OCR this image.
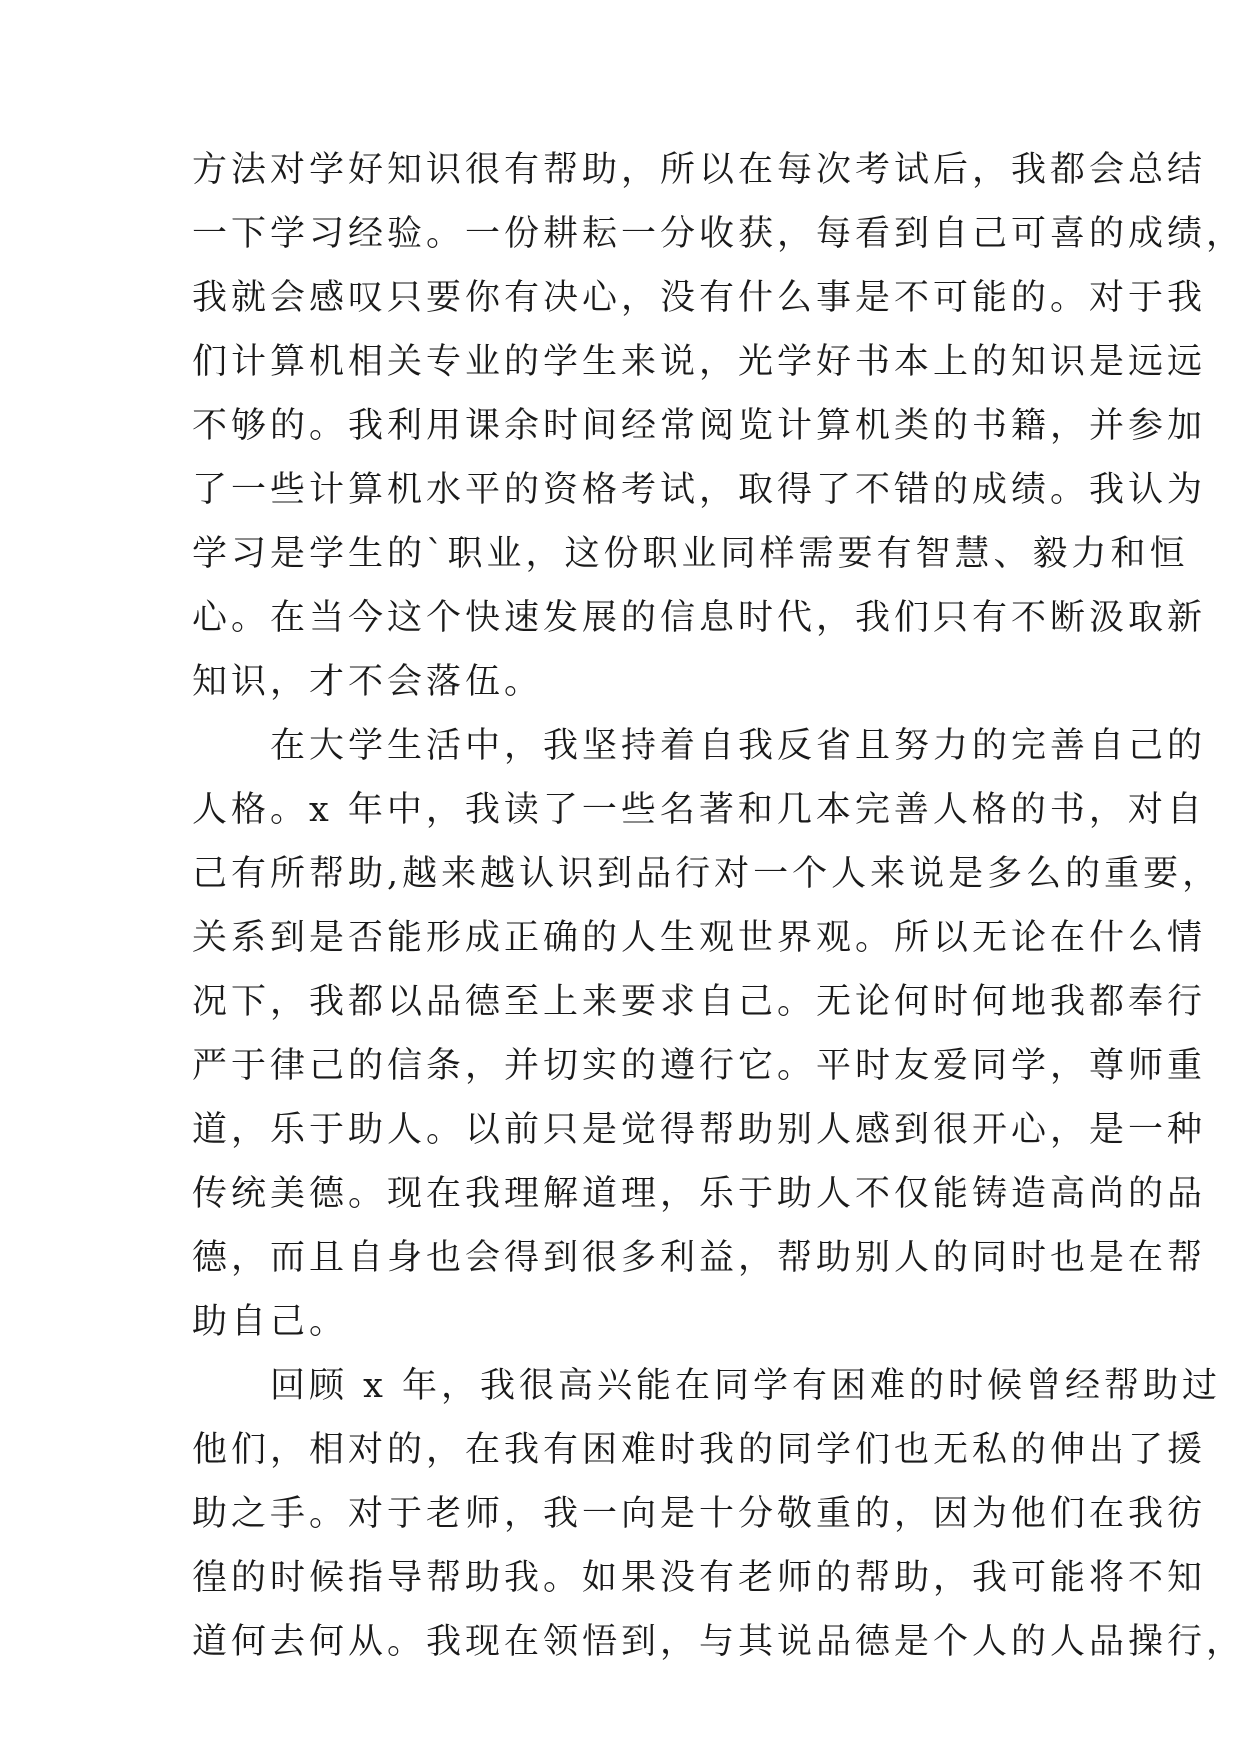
方法对学好知识很有帮助，所以在每次考试后，我都会总结
一下学习经验。一份耕耘一分收获，每看到自己可喜的成绩，
我就会感叹只要你有决心，没有什么事是不可能的。对于我
们计算机相关专业的学生来说，光学好书本上的知识是远远
不够的。我利用课余时间经常阅览计算机类的书籍，并参加
了一些计算机水平的资格考试，取得了不错的成绩。我认为
学习是学生的`职业，这份职业同样需要有智慧、毅力和恒
心。在当今这个快速发展的信息时代，我们只有不断汲取新
知识，才不会落伍。
　　在大学生活中，我坚持着自我反省且努力的完善自己的
人格。x 年中，我读了一些名著和几本完善人格的书，对自
己有所帮助,越来越认识到品行对一个人来说是多么的重要，
关系到是否能形成正确的人生观世界观。所以无论在什么情
况下，我都以品德至上来要求自己。无论何时何地我都奉行
严于律己的信条，并切实的遵行它。平时友爱同学，尊师重
道，乐于助人。以前只是觉得帮助别人感到很开心，是一种
传统美德。现在我理解道理，乐于助人不仅能铸造高尚的品
德，而且自身也会得到很多利益，帮助别人的同时也是在帮
助自己。
　　回顾 x 年，我很高兴能在同学有困难的时候曾经帮助过
他们，相对的，在我有困难时我的同学们也无私的伸出了援
助之手。对于老师，我一向是十分敬重的，因为他们在我彷
徨的时候指导帮助我。如果没有老师的帮助，我可能将不知
道何去何从。我现在领悟到，与其说品德是个人的人品操行，
